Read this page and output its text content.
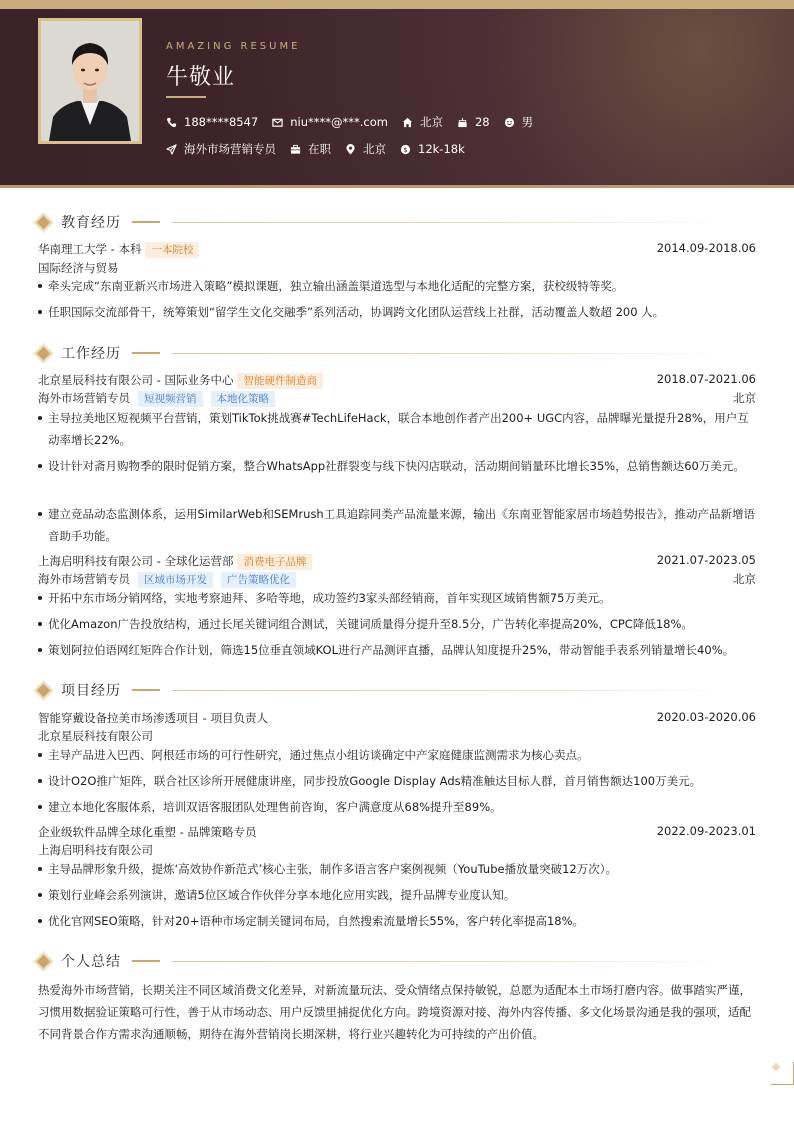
AMAZING RESUME
牛敬业
188****8547	niu****@***.com	北京	28	男
海外市场营销专员	在职	北京 $ 12k-18k
教育经历
华南理工大学 - 本科 一本院校	2014.09-2018.06
国际经济与贸易
牵头完成“东南亚新兴市场进入策略”模拟课题，独立输出涵盖渠道选型与本地化适配的完整方案，获校级特等奖。
任职国际交流部骨干，统筹策划“留学生文化交融季”系列活动，协调跨文化团队运营线上社群，活动覆盖人数超 200 人。
工作经历
北京星辰科技有限公司 - 国际业务中心 智能硬件制造商	2018.07-2021.06
海外市场营销专员 短视频营销 本地化策略	北京
主导拉美地区短视频平台营销，策划TikTok挑战赛#TechLifeHack，联合本地创作者产出200+ UGC内容，品牌曝光量提升28%，用户互动率增长22%。
设计针对斋月购物季的限时促销方案，整合WhatsApp社群裂变与线下快闪店联动，活动期间销量环比增长35%，总销售额达60万美元。
建立竞品动态监测体系，运用SimilarWeb和SEMrush工具追踪同类产品流量来源，输出《东南亚智能家居市场趋势报告》，推动产品新增语音助手功能。
上海启明科技有限公司 - 全球化运营部 消费电子品牌	2021.07-2023.05
海外市场营销专员 区域市场开发 广告策略优化	北京
开拓中东市场分销网络，实地考察迪拜、多哈等地，成功签约3家头部经销商，首年实现区域销售额75万美元。
优化Amazon广告投放结构，通过长尾关键词组合测试，关键词质量得分提升至8.5分，广告转化率提高20%，CPC降低18%。
策划阿拉伯语网红矩阵合作计划，筛选15位垂直领域KOL进行产品测评直播，品牌认知度提升25%，带动智能手表系列销量增长40%。
项目经历
智能穿戴设备拉美市场渗透项目 - 项目负责人	2020.03-2020.06
北京星辰科技有限公司
主导产品进入巴西、阿根廷市场的可行性研究，通过焦点小组访谈确定中产家庭健康监测需求为核心卖点。
设计O2O推广矩阵，联合社区诊所开展健康讲座，同步投放Google Display Ads精准触达目标人群，首月销售额达100万美元。
建立本地化客服体系，培训双语客服团队处理售前咨询，客户满意度从68%提升至89%。
企业级软件品牌全球化重塑 - 品牌策略专员	2022.09-2023.01
上海启明科技有限公司
主导品牌形象升级，提炼‘高效协作新范式’核心主张，制作多语言客户案例视频（YouTube播放量突破12万次）。
策划行业峰会系列演讲，邀请5位区域合作伙伴分享本地化应用实践，提升品牌专业度认知。
优化官网SEO策略，针对20+语种市场定制关键词布局，自然搜索流量增长55%，客户转化率提高18%。
个人总结
热爱海外市场营销，长期关注不同区域消费文化差异，对新流量玩法、受众情绪点保持敏锐，总愿为适配本土市场打磨内容。做事踏实严谨，习惯用数据验证策略可行性，善于从市场动态、用户反馈里捕捉优化方向。跨境资源对接、海外内容传播、多文化场景沟通是我的强项，适配不同背景合作方需求沟通顺畅，期待在海外营销岗长期深耕，将行业兴趣转化为可持续的产出价值。
